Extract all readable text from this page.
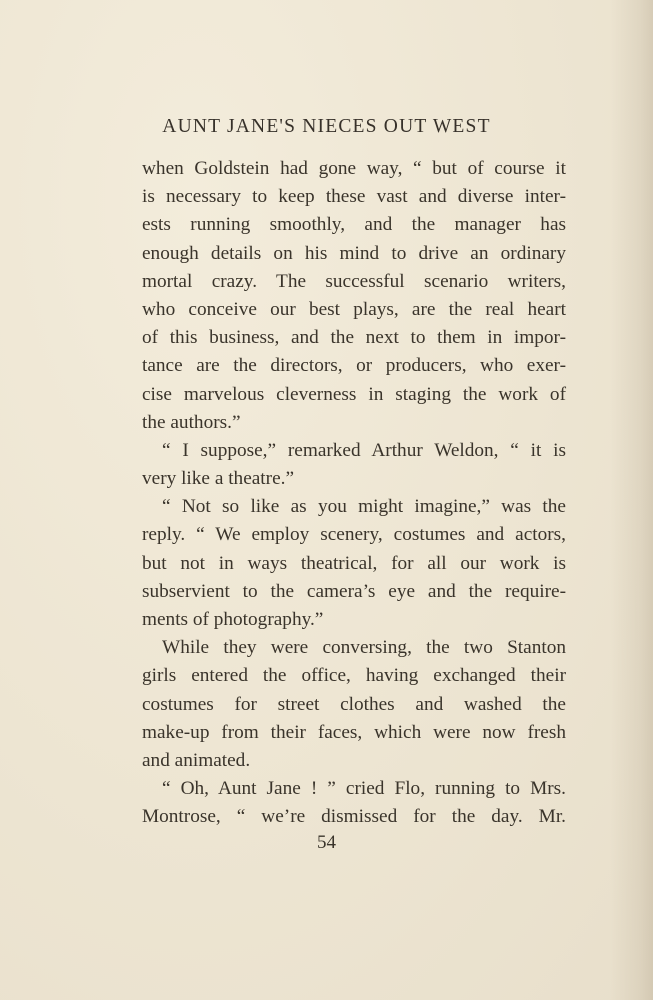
AUNT JANE'S NIECES OUT WEST
when Goldstein had gone way, “ but of course it
is necessary to keep these vast and diverse inter-
ests running smoothly, and the manager has
enough details on his mind to drive an ordinary
mortal crazy. The successful scenario writers,
who conceive our best plays, are the real heart
of this business, and the next to them in impor-
tance are the directors, or producers, who exer-
cise marvelous cleverness in staging the work of
the authors.”
“ I suppose,” remarked Arthur Weldon, “ it is
very like a theatre.”
“ Not so like as you might imagine,” was the
reply. “ We employ scenery, costumes and actors,
but not in ways theatrical, for all our work is
subservient to the camera’s eye and the require-
ments of photography.”
While they were conversing, the two Stanton
girls entered the office, having exchanged their
costumes for street clothes and washed the
make-up from their faces, which were now fresh
and animated.
“ Oh, Aunt Jane ! ” cried Flo, running to Mrs.
Montrose, “ we’re dismissed for the day. Mr.
54
